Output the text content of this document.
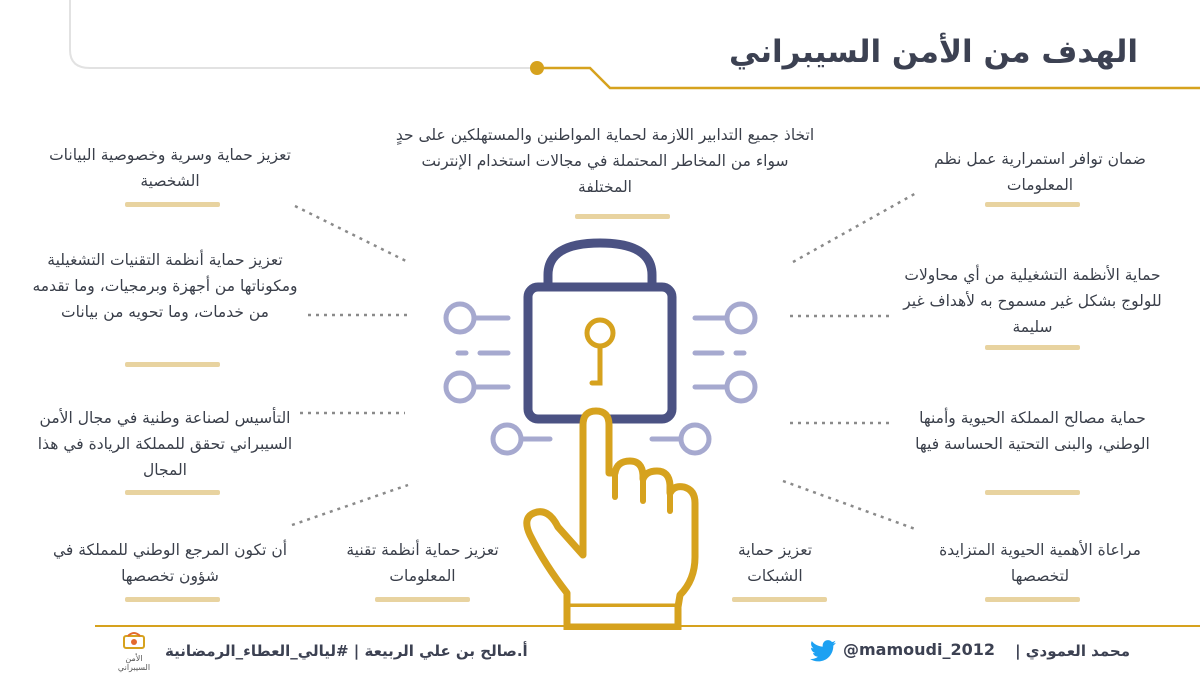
الهدف من الأمن السيبراني
اتخاذ جميع التدابير اللازمة لحماية المواطنين والمستهلكين على حدٍ سواء من المخاطر المحتملة في مجالات استخدام الإنترنت المختلفة
ضمان توافر استمرارية عمل نظم المعلومات
حماية الأنظمة التشغيلية من أي محاولات للولوج بشكل غير مسموح به لأهداف غير سليمة
حماية مصالح المملكة الحيوية وأمنها الوطني، والبنى التحتية الحساسة فيها
مراعاة الأهمية الحيوية المتزايدة لتخصصها
تعزيز حماية الشبكات
تعزيز حماية أنظمة تقنية المعلومات
تعزيز حماية وسرية وخصوصية البيانات الشخصية
تعزيز حماية أنظمة التقنيات التشغيلية ومكوناتها من أجهزة وبرمجيات، وما تقدمه من خدمات، وما تحويه من بيانات
التأسيس لصناعة وطنية في مجال الأمن السيبراني تحقق للمملكة الريادة في هذا المجال
أن تكون المرجع الوطني للمملكة في شؤون تخصصها
محمد العمودي |
@mamoudi_2012
أ.صالح بن علي الربيعة | #ليالي_العطاء_الرمضانية
الأمن
السيبراني
